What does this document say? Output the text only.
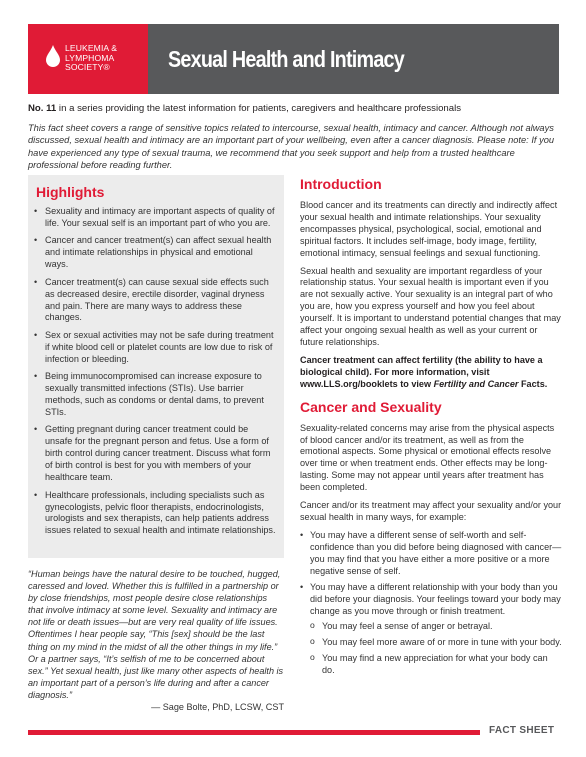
LEUKEMIA &
LYMPHOMA
SOCIETY®	Sexual Health and Intimacy
No. 11 in a series providing the latest information for patients, caregivers and healthcare professionals
This fact sheet covers a range of sensitive topics related to intercourse, sexual health, intimacy and cancer. Although not always discussed, sexual health and intimacy are an important part of your wellbeing, even after a cancer diagnosis. Please note: If you have experienced any type of sexual trauma, we recommend that you seek support and help from a trusted healthcare professional before reading further.
Highlights
• Sexuality and intimacy are important aspects of quality of life. Your sexual self is an important part of who you are.
• Cancer and cancer treatment(s) can affect sexual health and intimate relationships in physical and emotional ways.
• Cancer treatment(s) can cause sexual side effects such as decreased desire, erectile disorder, vaginal dryness and pain. There are many ways to address these changes.
• Sex or sexual activities may not be safe during treatment if white blood cell or platelet counts are low due to risk of infection or bleeding.
• Being immunocompromised can increase exposure to sexually transmitted infections (STIs). Use barrier methods, such as condoms or dental dams, to prevent STIs.
• Getting pregnant during cancer treatment could be unsafe for the pregnant person and fetus. Use a form of birth control during cancer treatment. Discuss what form of birth control is best for you with members of your healthcare team.
• Healthcare professionals, including specialists such as gynecologists, pelvic floor therapists, endocrinologists, urologists and sex therapists, can help patients address issues related to sexual health and intimate relationships.
“Human beings have the natural desire to be touched, hugged, caressed and loved. Whether this is fulfilled in a partnership or by close friendships, most people desire close relationships that involve intimacy at some level. Sexuality and intimacy are not life or death issues—but are very real quality of life issues. Oftentimes I hear people say, “This [sex] should be the last thing on my mind in the midst of all the other things in my life.” Or a partner says, “It’s selfish of me to be concerned about sex.” Yet sexual health, just like many other aspects of health is an important part of a person’s life during and after a cancer diagnosis.”
— Sage Bolte, PhD, LCSW, CST
Introduction

Blood cancer and its treatments can directly and indirectly affect your sexual health and intimate relationships. Your sexuality encompasses physical, psychological, social, emotional and spiritual factors. It includes self-image, body image, fertility, emotional intimacy, sensual feelings and sexual functioning.

Sexual health and sexuality are important regardless of your relationship status. Your sexual health is important even if you are not sexually active. Your sexuality is an integral part of who you are, how you express yourself and how you feel about yourself. It is important to understand potential changes that may affect your ongoing sexual health as well as your current or future relationships.

Cancer treatment can affect fertility (the ability to have a biological child). For more information, visit www.LLS.org/booklets to view Fertility and Cancer Facts.

Cancer and Sexuality

Sexuality-related concerns may arise from the physical aspects of blood cancer and/or its treatment, as well as from the emotional aspects. Some physical or emotional effects resolve over time or when treatment ends. Other effects may be long-lasting. Some may not appear until years after treatment has been completed.

Cancer and/or its treatment may affect your sexuality and/or your sexual health in many ways, for example:

• You may have a different sense of self-worth and self-confidence than you did before being diagnosed with cancer—you may find that you have either a more positive or a more negative sense of self.
• You may have a different relationship with your body than you did before your diagnosis. Your feelings toward your body may change as you move through or finish treatment.
o You may feel a sense of anger or betrayal.
o You may feel more aware of or more in tune with your body.
o You may find a new appreciation for what your body can do.
FACT SHEET
